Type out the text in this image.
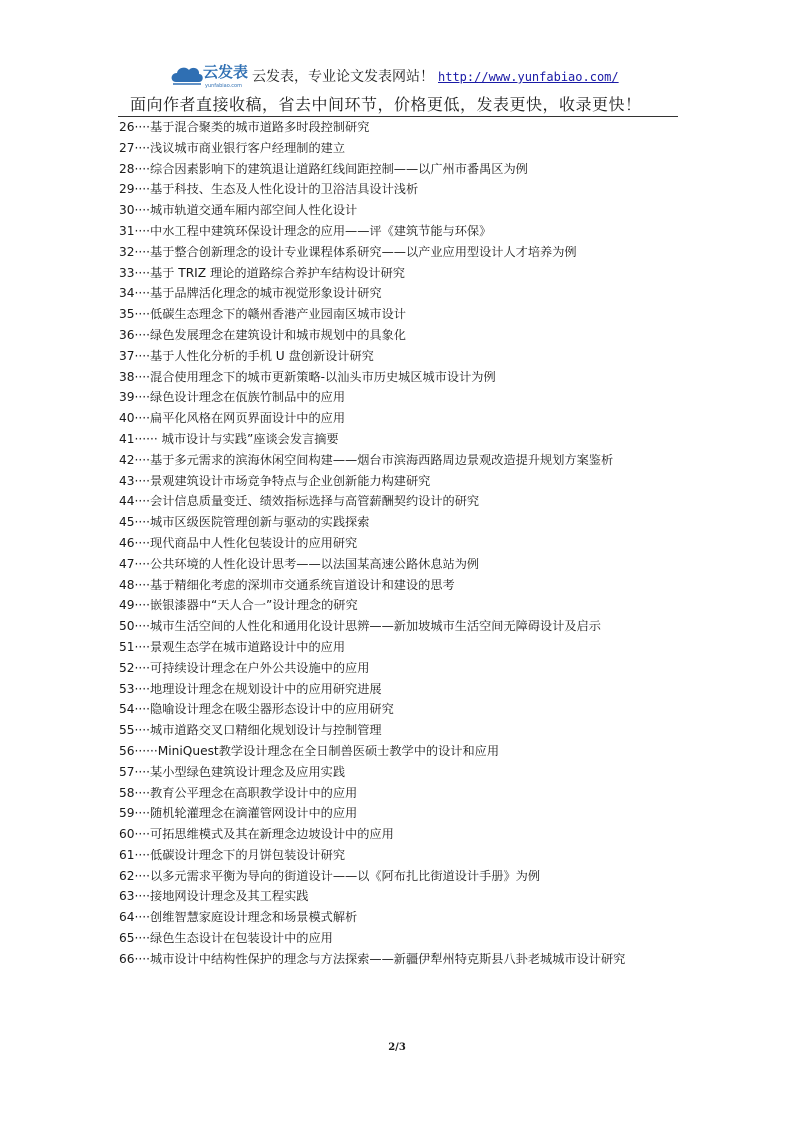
云发表
yunfabiao.com
云发表，专业论文发表网站！ http://www.yunfabiao.com/
面向作者直接收稿，省去中间环节，价格更低，发表更快，收录更快！
26····基于混合聚类的城市道路多时段控制研究
27····浅议城市商业银行客户经理制的建立
28····综合因素影响下的建筑退让道路红线间距控制——以广州市番禺区为例
29····基于科技、生态及人性化设计的卫浴洁具设计浅析
30····城市轨道交通车厢内部空间人性化设计
31····中水工程中建筑环保设计理念的应用——评《建筑节能与环保》
32····基于整合创新理念的设计专业课程体系研究——以产业应用型设计人才培养为例
33····基于 TRIZ 理论的道路综合养护车结构设计研究
34····基于品牌活化理念的城市视觉形象设计研究
35····低碳生态理念下的赣州香港产业园南区城市设计
36····绿色发展理念在建筑设计和城市规划中的具象化
37····基于人性化分析的手机 U 盘创新设计研究
38····混合使用理念下的城市更新策略-以汕头市历史城区城市设计为例
39····绿色设计理念在佤族竹制品中的应用
40····扁平化风格在网页界面设计中的应用
41······ 城市设计与实践”座谈会发言摘要
42····基于多元需求的滨海休闲空间构建——烟台市滨海西路周边景观改造提升规划方案鉴析
43····景观建筑设计市场竞争特点与企业创新能力构建研究
44····会计信息质量变迁、绩效指标选择与高管薪酬契约设计的研究
45····城市区级医院管理创新与驱动的实践探索
46····现代商品中人性化包装设计的应用研究
47····公共环境的人性化设计思考——以法国某高速公路休息站为例
48····基于精细化考虑的深圳市交通系统盲道设计和建设的思考
49····嵌银漆器中“天人合一”设计理念的研究
50····城市生活空间的人性化和通用化设计思辨——新加坡城市生活空间无障碍设计及启示
51····景观生态学在城市道路设计中的应用
52····可持续设计理念在户外公共设施中的应用
53····地理设计理念在规划设计中的应用研究进展
54····隐喻设计理念在吸尘器形态设计中的应用研究
55····城市道路交叉口精细化规划设计与控制管理
56······MiniQuest教学设计理念在全日制兽医硕士教学中的设计和应用
57····某小型绿色建筑设计理念及应用实践
58····教育公平理念在高职教学设计中的应用
59····随机轮灌理念在滴灌管网设计中的应用
60····可拓思维模式及其在新理念边坡设计中的应用
61····低碳设计理念下的月饼包装设计研究
62····以多元需求平衡为导向的街道设计——以《阿布扎比街道设计手册》为例
63····接地网设计理念及其工程实践
64····创维智慧家庭设计理念和场景模式解析
65····绿色生态设计在包装设计中的应用
66····城市设计中结构性保护的理念与方法探索——新疆伊犁州特克斯县八卦老城城市设计研究
2/3
